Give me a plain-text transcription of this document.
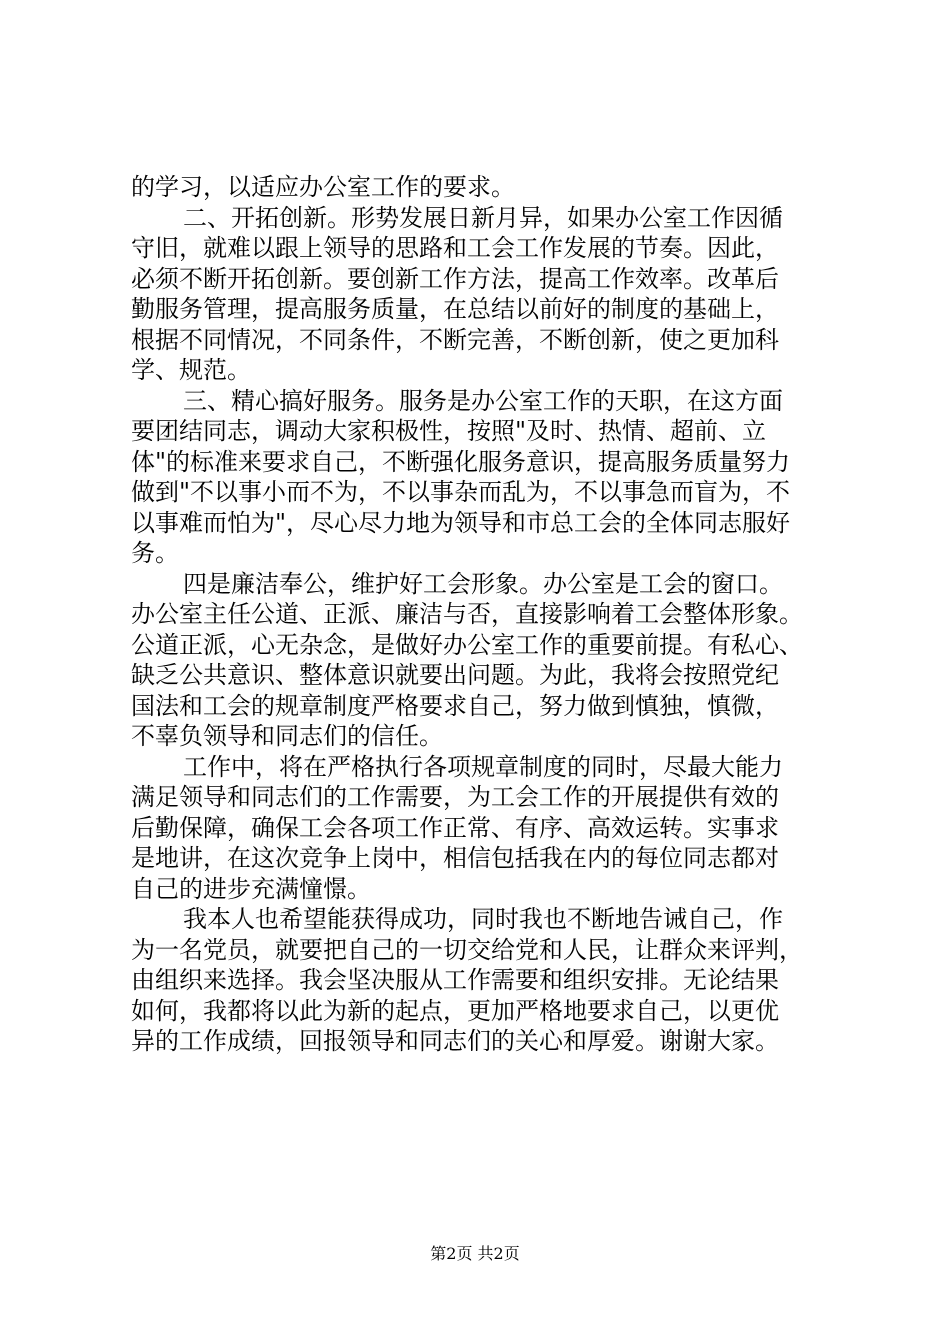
的学习，以适应办公室工作的要求。
二、开拓创新。形势发展日新月异，如果办公室工作因循
守旧，就难以跟上领导的思路和工会工作发展的节奏。因此，
必须不断开拓创新。要创新工作方法，提高工作效率。改革后
勤服务管理，提高服务质量，在总结以前好的制度的基础上，
根据不同情况，不同条件，不断完善，不断创新，使之更加科
学、规范。
三、精心搞好服务。服务是办公室工作的天职，在这方面
要团结同志，调动大家积极性，按照"及时、热情、超前、立
体"的标准来要求自己，不断强化服务意识，提高服务质量努力
做到"不以事小而不为，不以事杂而乱为，不以事急而盲为，不
以事难而怕为"，尽心尽力地为领导和市总工会的全体同志服好
务。
四是廉洁奉公，维护好工会形象。办公室是工会的窗口。
办公室主任公道、正派、廉洁与否，直接影响着工会整体形象。
公道正派，心无杂念，是做好办公室工作的重要前提。有私心、
缺乏公共意识、整体意识就要出问题。为此，我将会按照党纪
国法和工会的规章制度严格要求自己，努力做到慎独，慎微，
不辜负领导和同志们的信任。
工作中，将在严格执行各项规章制度的同时，尽最大能力
满足领导和同志们的工作需要，为工会工作的开展提供有效的
后勤保障，确保工会各项工作正常、有序、高效运转。实事求
是地讲，在这次竞争上岗中，相信包括我在内的每位同志都对
自己的进步充满憧憬。
我本人也希望能获得成功，同时我也不断地告诫自己，作
为一名党员，就要把自己的一切交给党和人民，让群众来评判，
由组织来选择。我会坚决服从工作需要和组织安排。无论结果
如何，我都将以此为新的起点，更加严格地要求自己，以更优
异的工作成绩，回报领导和同志们的关心和厚爱。谢谢大家。
第2页 共2页
